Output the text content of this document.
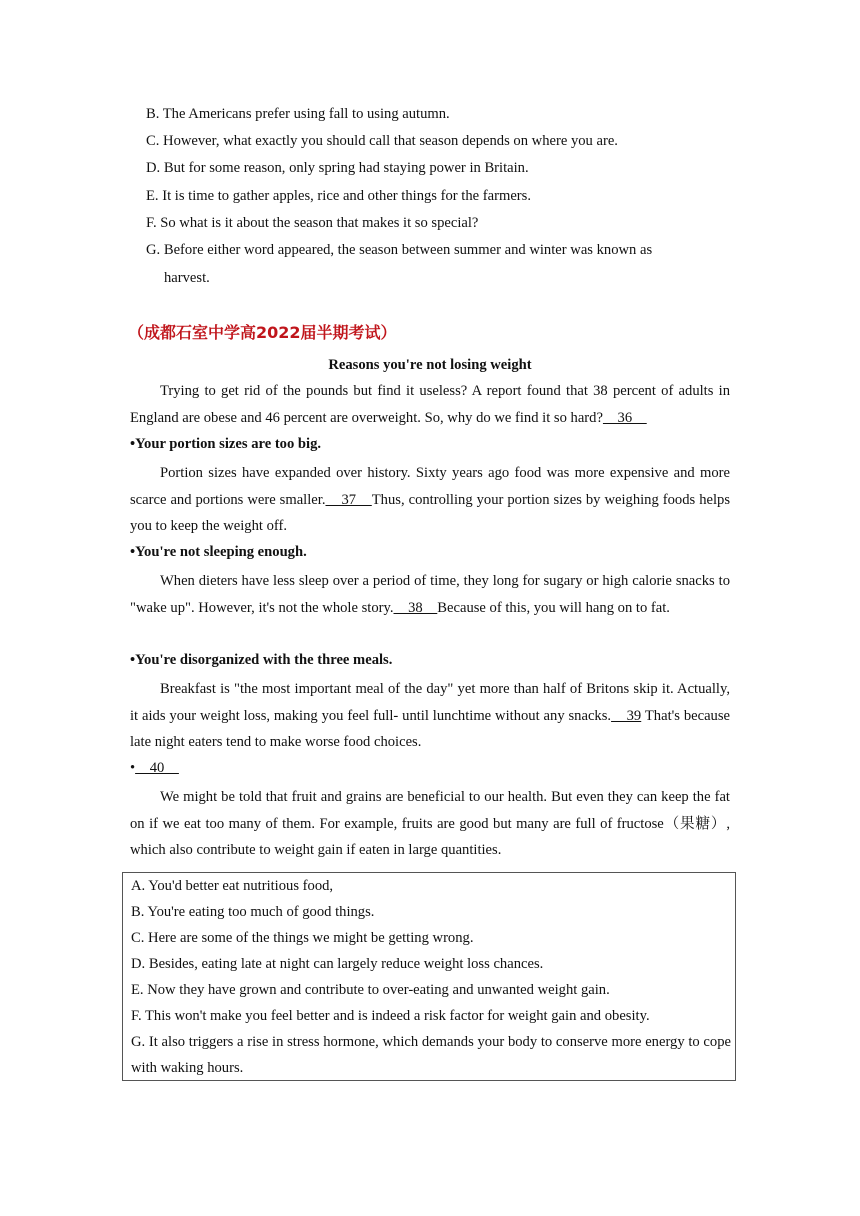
B. The Americans prefer using fall to using autumn.
C. However, what exactly you should call that season depends on where you are.
D. But for some reason, only spring had staying power in Britain.
E. It is time to gather apples, rice and other things for the farmers.
F. So what is it about the season that makes it so special?
G. Before either word appeared, the season between summer and winter was known as
harvest.
（成都石室中学高2022届半期考试）
Reasons you're not losing weight
Trying to get rid of the pounds but find it useless? A report found that 38 percent of adults in England are obese and 46 percent are overweight. So, why do we find it so hard?    36
•Your portion sizes are too big.
Portion sizes have expanded over history. Sixty years ago food was more expensive and more scarce and portions were smaller.    37    Thus, controlling your portion sizes by weighing foods helps you to keep the weight off.
•You're not sleeping enough.
When dieters have less sleep over a period of time, they long for sugary or high calorie snacks to "wake up". However, it's not the whole story.    38    Because of this, you will hang on to fat.
•You're disorganized with the three meals.
Breakfast is "the most important meal of the day" yet more than half of Britons skip it. Actually, it aids your weight loss, making you feel full- until lunchtime without any snacks.    39 That's because late night eaters tend to make worse food choices.
•    40
We might be told that fruit and grains are beneficial to our health. But even they can keep the fat on if we eat too many of them. For example, fruits are good but many are full of fructose（果糖）, which also contribute to weight gain if eaten in large quantities.
A. You'd better eat nutritious food,
B. You're eating too much of good things.
C. Here are some of the things we might be getting wrong.
D. Besides, eating late at night can largely reduce weight loss chances.
E. Now they have grown and contribute to over-eating and unwanted weight gain.
F. This won't make you feel better and is indeed a risk factor for weight gain and obesity.
G. It also triggers a rise in stress hormone, which demands your body to conserve more energy to cope with waking hours.
